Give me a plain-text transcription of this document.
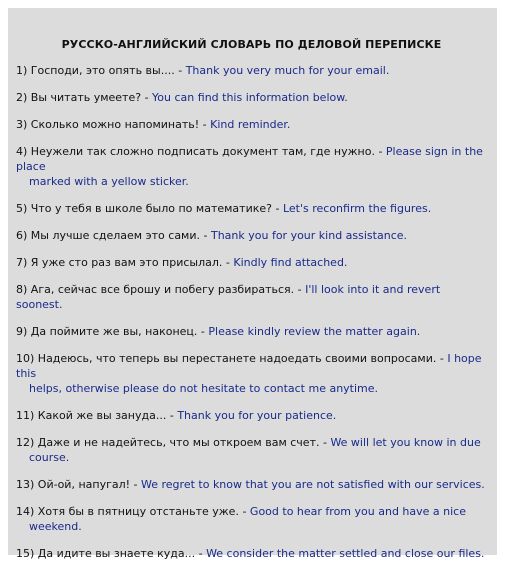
РУССКО-АНГЛИЙСКИЙ СЛОВАРЬ ПО ДЕЛОВОЙ ПЕРЕПИСКЕ
1) Господи, это опять вы.... - Thank you very much for your email.
2) Вы читать умеете? - You can find this information below.
3) Сколько можно напоминать! - Kind reminder.
4) Неужели так сложно подписать документ там, где нужно. - Please sign in the place
marked with a yellow sticker.
5) Что у тебя в школе было по математике? - Let's reconfirm the figures.
6) Мы лучше сделаем это сами. - Thank you for your kind assistance.
7) Я уже сто раз вам это присылал. - Kindly find attached.
8) Ага, сейчас все брошу и побегу разбираться. - I'll look into it and revert soonest.
9) Да поймите же вы, наконец. - Please kindly review the matter again.
10) Надеюсь, что теперь вы перестанете надоедать своими вопросами. - I hope this
helps, otherwise please do not hesitate to contact me anytime.
11) Какой же вы зануда... - Thank you for your patience.
12) Даже и не надейтесь, что мы откроем вам счет. - We will let you know in due
course.
13) Ой-ой, напугал! - We regret to know that you are not satisfied with our services.
14) Хотя бы в пятницу отстаньте уже. - Good to hear from you and have a nice
weekend.
15) Да идите вы знаете куда... - We consider the matter settled and close our files.
